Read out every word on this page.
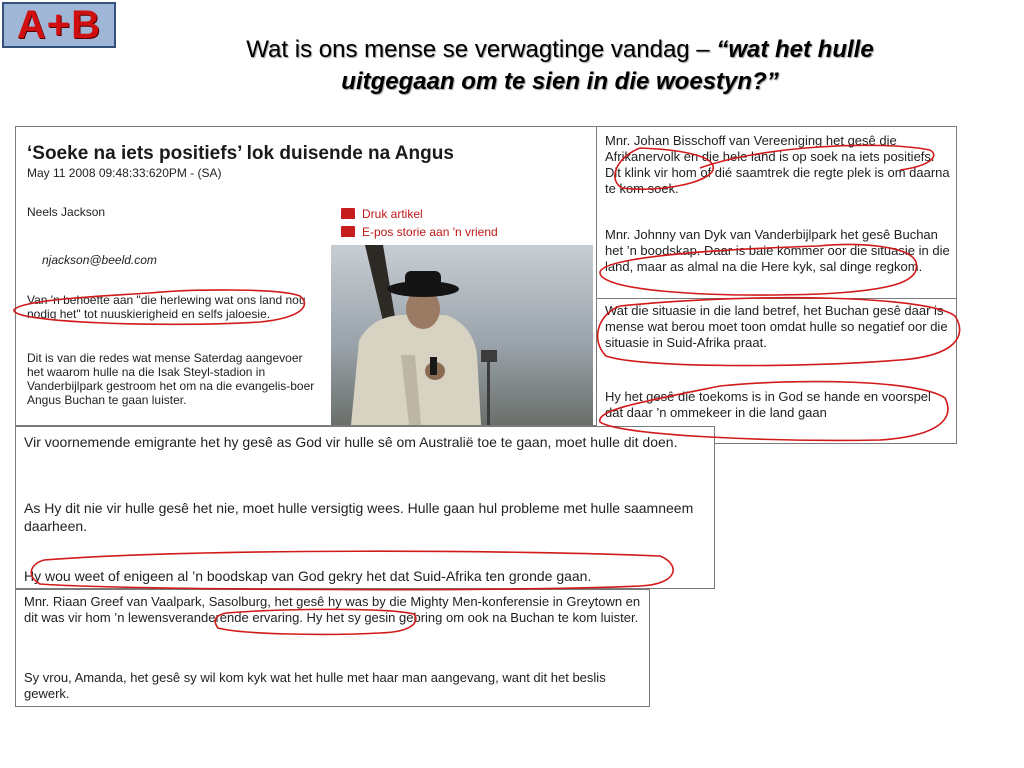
A+B
Wat is ons mense se verwagtinge vandag – “wat het hulle
uitgegaan om te sien in die woestyn?”
‘Soeke na iets positiefs’ lok duisende na Angus
May 11 2008 09:48:33:620PM - (SA)
Neels Jackson
njackson@beeld.com
Druk artikel
E-pos storie aan 'n vriend
Van 'n behoefte aan "die herlewing wat ons land nou nodig het" tot nuuskierigheid en selfs jaloesie.
Dit is van die redes wat mense Saterdag aangevoer het waarom hulle na die Isak Steyl-stadion in Vanderbijlpark gestroom het om na die evangelis-boer Angus Buchan te gaan luister.
Mnr. Johan Bisschoff van Vereeniging het gesê die Afrikanervolk en die hele land is op soek na iets positiefs. Dit klink vir hom of dié saamtrek die regte plek is om daarna te kom soek.
Mnr. Johnny van Dyk van Vanderbijlpark het gesê Buchan het ’n boodskap. Daar is baie kommer oor die situasie in die land, maar as almal na die Here kyk, sal dinge regkom.
Wat die situasie in die land betref, het Buchan gesê daar is mense wat berou moet toon omdat hulle so negatief oor die situasie in Suid-Afrika praat.
Hy het gesê die toekoms is in God se hande en voorspel dat daar ’n ommekeer in die land gaan
Vir voornemende emigrante het hy gesê as God vir hulle sê om Australië toe te gaan, moet hulle dit doen.
As Hy dit nie vir hulle gesê het nie, moet hulle versigtig wees. Hulle gaan hul probleme met hulle saamneem daarheen.
Hy wou weet of enigeen al ’n boodskap van God gekry het dat Suid-Afrika ten gronde gaan.
Mnr. Riaan Greef van Vaalpark, Sasolburg, het gesê hy was by die Mighty Men-konferensie in Greytown en dit was vir hom ’n lewensveranderende ervaring. Hy het sy gesin gebring om ook na Buchan te kom luister.
Sy vrou, Amanda, het gesê sy wil kom kyk wat het hulle met haar man aangevang, want dit het beslis gewerk.
